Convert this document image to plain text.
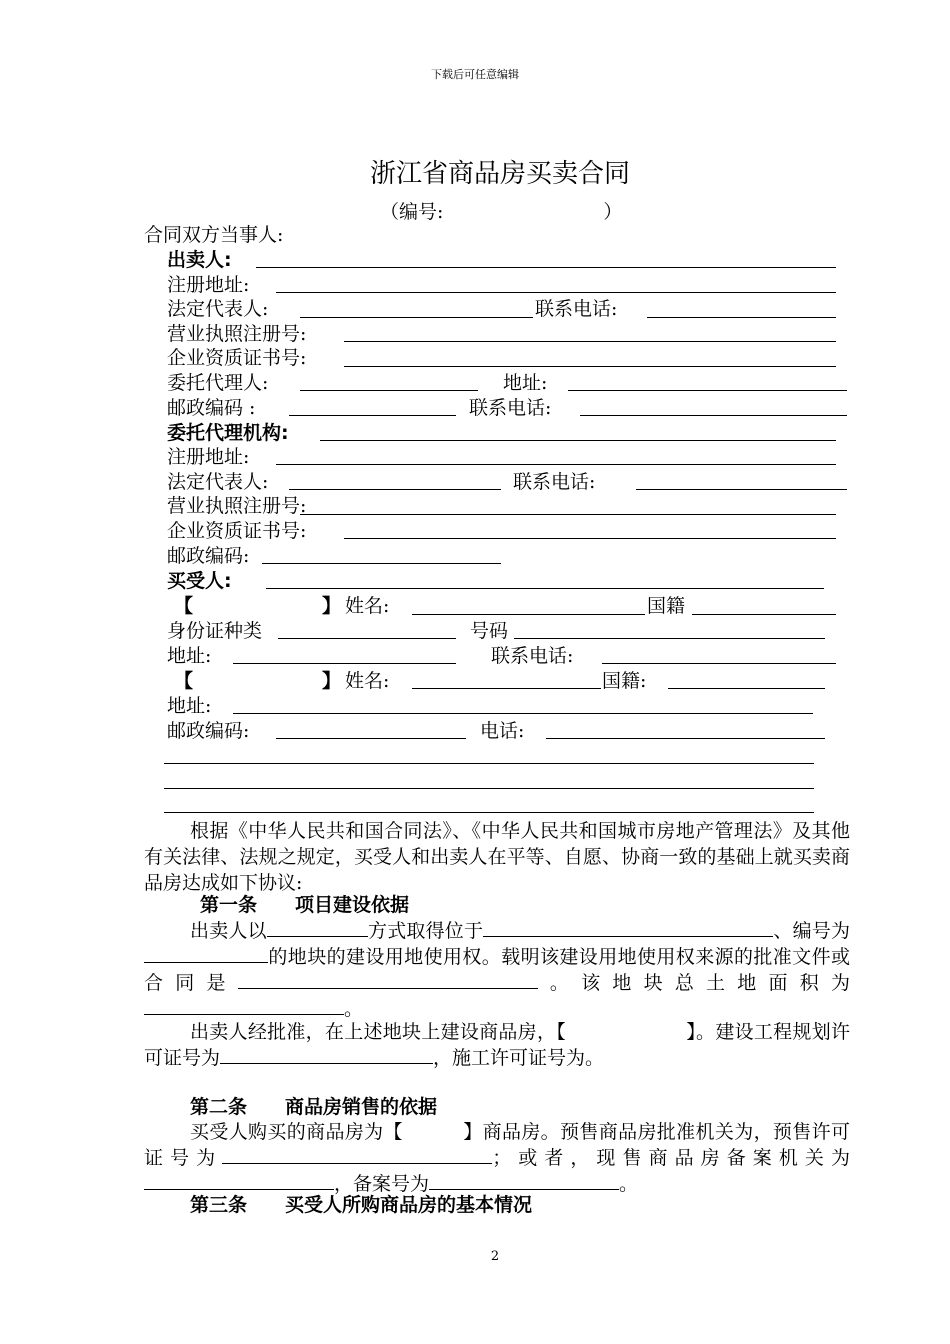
下载后可任意编辑
浙江省商品房买卖合同
（编号:	）
合同双方当事人:
出卖人:
注册地址:
法定代表人:	联系电话:
营业执照注册号:
企业资质证书号:
委托代理人:	地址:
邮政编码 :	联系电话:
委托代理机构:
注册地址:
法定代表人:	联系电话:
营业执照注册号:
企业资质证书号:
邮政编码:
买受人:
【	】 姓名:	国籍
身份证种类	号码
地址:	联系电话:
【	】 姓名:	国籍:
地址:
邮政编码:	电话:
根据《中华人民共和国合同法》、《中华人民共和国城市房地产管理法》及其他有关法律、法规之规定，买受人和出卖人在平等、自愿、协商一致的基础上就买卖商品房达成如下协议:
第一条　　项目建设依据
出卖人以	方式取得位于	、编号为的地块的建设用地使用权。载明该建设用地使用权来源的批准文件或合同是	。该地块总土地面积为。
出卖人经批准，在上述地块上建设商品房，【	】。建设工程规划许可证号为	，施工许可证号为。
第二条　　商品房销售的依据
买受人购买的商品房为【	】商品房。预售商品房批准机关为，预售许可证号为	；或者，现售商品房备案机关为，备案号为	。
第三条　　买受人所购商品房的基本情况
2
